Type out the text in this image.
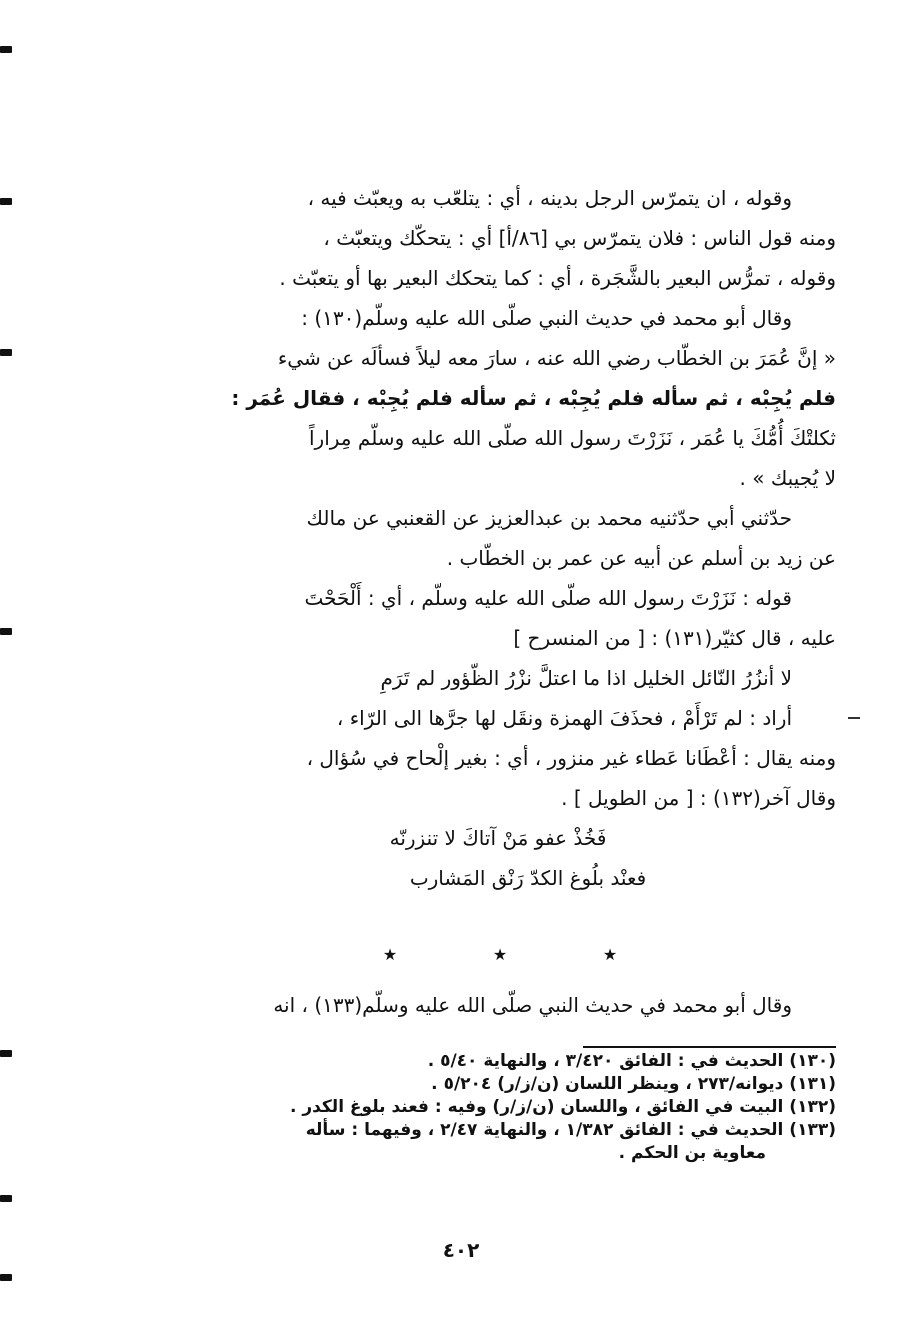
وقوله ، ان يتمرّس الرجل بدينه ، أي : يتلعّب به ويعبّث فيه ،
ومنه قول الناس : فلان يتمرّس بي [٨٦/أ] أي : يتحكّك ويتعبّث ،
وقوله ، تمرُّس البعير بالشَّجَرة ، أي : كما يتحكك البعير بها أو يتعبّث .
وقال أبو محمد في حديث النبي صلّى الله عليه وسلّم(١٣٠) :
« إنَّ عُمَرَ بن الخطّاب رضي الله عنه ، سارَ معه ليلاً فسألَه عن شيء
فلم يُجِبْه ، ثم سأله فلم يُجِبْه ، ثم سأله فلم يُجِبْه ، فقال عُمَر :
ثكلتْكَ أُمُّكَ يا عُمَر ، نَزَرْتَ رسول الله صلّى الله عليه وسلّم مِراراً
لا يُجيبك » .
حدّثني أبي حدّثنيه محمد بن عبدالعزيز عن القعنبي عن مالك
عن زيد بن أسلم عن أبيه عن عمر بن الخطّاب .
قوله : نَزَرْتَ رسول الله صلّى الله عليه وسلّم ، أي : أَلْحَحْتَ
عليه ، قال كثيّر(١٣١) : [ من المنسرح ]
لا أنزُرُ النّائل الخليل اذا ما اعتلَّ نزْرُ الظّؤور لم تَرَمِ
أراد : لم تَرْأَمْ ، فحذَفَ الهمزة ونقَل لها جرَّها الى الرّاء ،
ومنه يقال : أعْطَانا عَطاء غير منزور ، أي : بغير إلْحاح في سُؤال ،
وقال آخر(١٣٢) : [ من الطويل ] .
فَخُذْ عفو مَنْ آتاكَ لا تنزرنّه
فعنْد بلُوغ الكدّ رَنْق المَشارب
★
★
★
وقال أبو محمد في حديث النبي صلّى الله عليه وسلّم(١٣٣) ، انه
(١٣٠) الحديث في : الفائق ٣/٤٢٠ ، والنهاية ٥/٤٠ .
(١٣١) ديوانه/٢٧٣ ، وينظر اللسان (ن/ز/ر) ٥/٢٠٤ .
(١٣٢) البيت في الفائق ، واللسان (ن/ز/ر) وفيه : فعند بلوغ الكدر .
(١٣٣) الحديث في : الفائق ١/٣٨٢ ، والنهاية ٢/٤٧ ، وفيهما : سأله
معاوية بن الحكم .
٤٠٢
